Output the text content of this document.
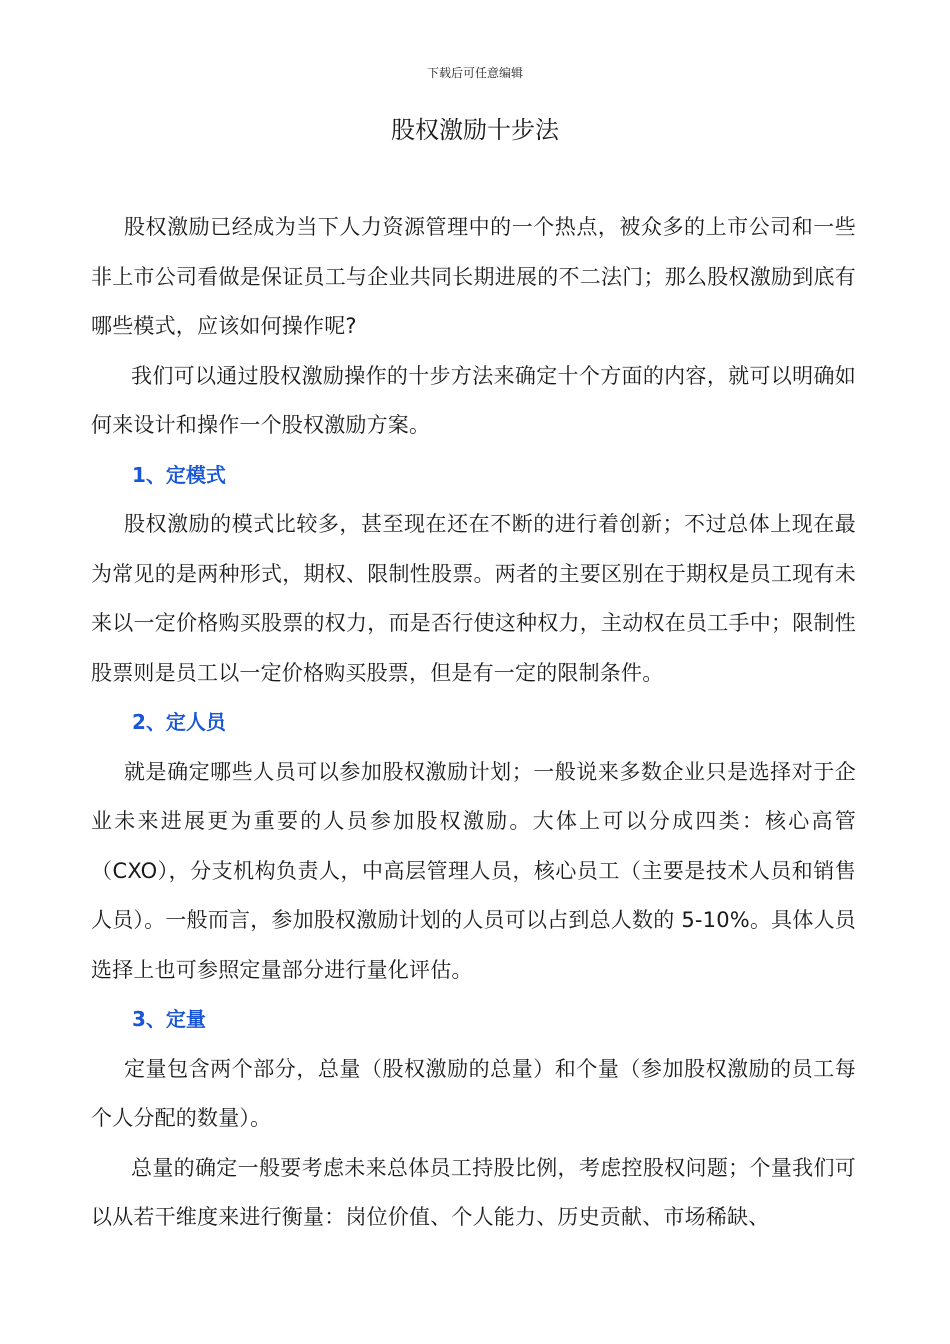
下载后可任意编辑
股权激励十步法

股权激励已经成为当下人力资源管理中的一个热点，被众多的上市公司和一些非上市公司看做是保证员工与企业共同长期进展的不二法门；那么股权激励到底有哪些模式，应该如何操作呢?

我们可以通过股权激励操作的十步方法来确定十个方面的内容，就可以明确如何来设计和操作一个股权激励方案。

1、定模式

股权激励的模式比较多，甚至现在还在不断的进行着创新；不过总体上现在最为常见的是两种形式，期权、限制性股票。两者的主要区别在于期权是员工现有未来以一定价格购买股票的权力，而是否行使这种权力，主动权在员工手中；限制性股票则是员工以一定价格购买股票，但是有一定的限制条件。

2、定人员

就是确定哪些人员可以参加股权激励计划；一般说来多数企业只是选择对于企业未来进展更为重要的人员参加股权激励。大体上可以分成四类：核心高管（CXO），分支机构负责人，中高层管理人员，核心员工（主要是技术人员和销售人员）。一般而言，参加股权激励计划的人员可以占到总人数的 5-10%。具体人员选择上也可参照定量部分进行量化评估。

3、定量

定量包含两个部分，总量（股权激励的总量）和个量（参加股权激励的员工每个人分配的数量）。

总量的确定一般要考虑未来总体员工持股比例，考虑控股权问题；个量我们可以从若干维度来进行衡量：岗位价值、个人能力、历史贡献、市场稀缺、
